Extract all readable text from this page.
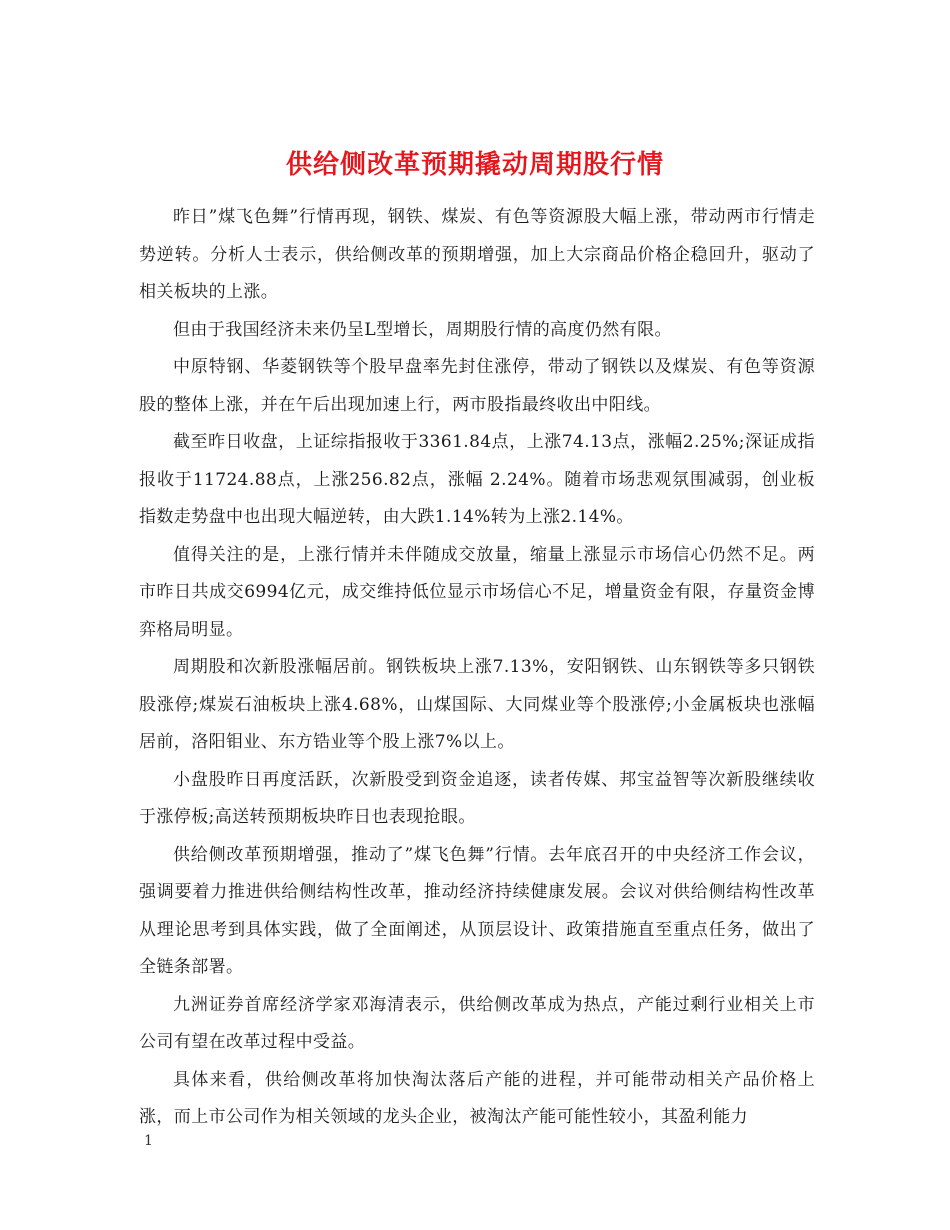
供给侧改革预期撬动周期股行情

昨日”煤飞色舞”行情再现，钢铁、煤炭、有色等资源股大幅上涨，带动两市行情走势逆转。分析人士表示，供给侧改革的预期增强，加上大宗商品价格企稳回升，驱动了相关板块的上涨。

但由于我国经济未来仍呈L型增长，周期股行情的高度仍然有限。

中原特钢、华菱钢铁等个股早盘率先封住涨停，带动了钢铁以及煤炭、有色等资源股的整体上涨，并在午后出现加速上行，两市股指最终收出中阳线。

截至昨日收盘，上证综指报收于3361.84点，上涨74.13点，涨幅2.25%;深证成指报收于11724.88点，上涨256.82点，涨幅 2.24%。随着市场悲观氛围减弱，创业板指数走势盘中也出现大幅逆转，由大跌1.14%转为上涨2.14%。

值得关注的是，上涨行情并未伴随成交放量，缩量上涨显示市场信心仍然不足。两市昨日共成交6994亿元，成交维持低位显示市场信心不足，增量资金有限，存量资金博弈格局明显。

周期股和次新股涨幅居前。钢铁板块上涨7.13%，安阳钢铁、山东钢铁等多只钢铁股涨停;煤炭石油板块上涨4.68%，山煤国际、大同煤业等个股涨停;小金属板块也涨幅居前，洛阳钼业、东方锆业等个股上涨7%以上。

小盘股昨日再度活跃，次新股受到资金追逐，读者传媒、邦宝益智等次新股继续收于涨停板;高送转预期板块昨日也表现抢眼。

供给侧改革预期增强，推动了”煤飞色舞”行情。去年底召开的中央经济工作会议，强调要着力推进供给侧结构性改革，推动经济持续健康发展。会议对供给侧结构性改革从理论思考到具体实践，做了全面阐述，从顶层设计、政策措施直至重点任务，做出了全链条部署。

九洲证券首席经济学家邓海清表示，供给侧改革成为热点，产能过剩行业相关上市公司有望在改革过程中受益。

具体来看，供给侧改革将加快淘汰落后产能的进程，并可能带动相关产品价格上涨，而上市公司作为相关领域的龙头企业，被淘汰产能可能性较小，其盈利能力

1
